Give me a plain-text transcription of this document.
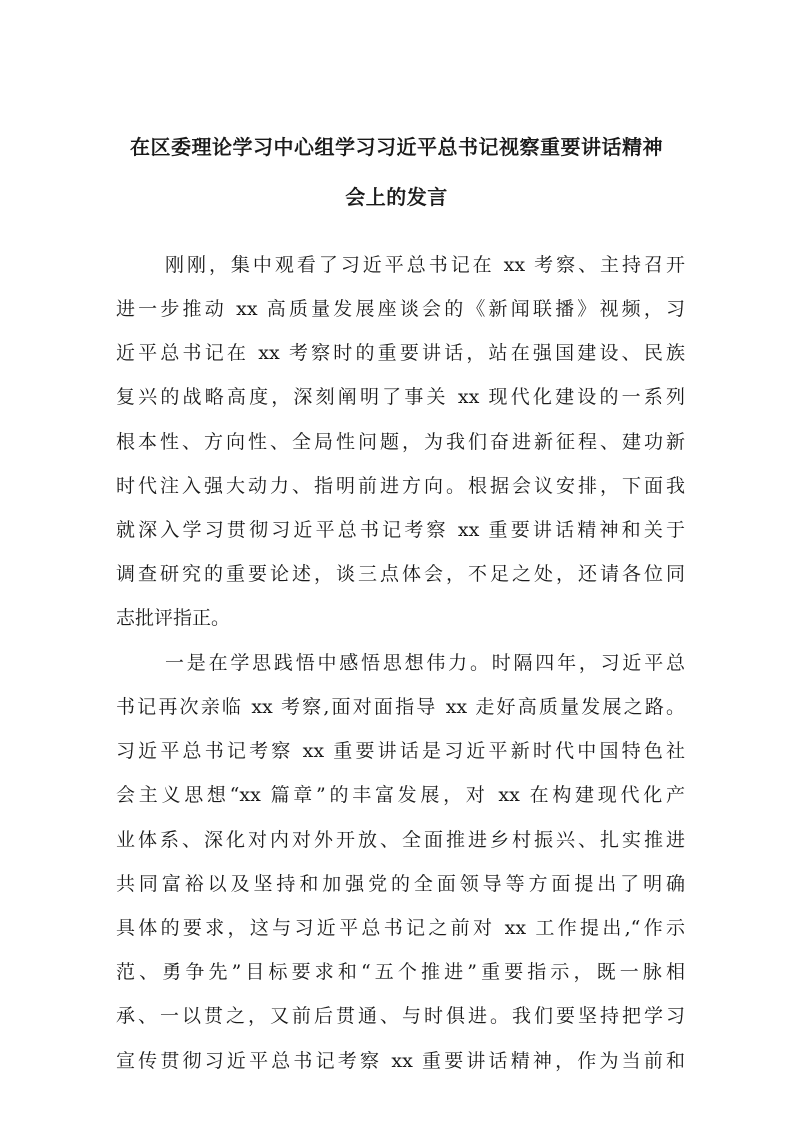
在区委理论学习中心组学习习近平总书记视察重要讲话精神
会上的发言
刚刚，集中观看了习近平总书记在 xx 考察、主持召开
进一步推动 xx 高质量发展座谈会的《新闻联播》视频，习
近平总书记在 xx 考察时的重要讲话，站在强国建设、民族
复兴的战略高度，深刻阐明了事关 xx 现代化建设的一系列
根本性、方向性、全局性问题，为我们奋进新征程、建功新
时代注入强大动力、指明前进方向。根据会议安排，下面我
就深入学习贯彻习近平总书记考察 xx 重要讲话精神和关于
调查研究的重要论述，谈三点体会，不足之处，还请各位同
志批评指正。
一是在学思践悟中感悟思想伟力。时隔四年，习近平总
书记再次亲临 xx 考察,面对面指导 xx 走好高质量发展之路。
习近平总书记考察 xx 重要讲话是习近平新时代中国特色社
会主义思想“xx 篇章”的丰富发展，对 xx 在构建现代化产
业体系、深化对内对外开放、全面推进乡村振兴、扎实推进
共同富裕以及坚持和加强党的全面领导等方面提出了明确
具体的要求，这与习近平总书记之前对 xx 工作提出,“作示
范、勇争先”目标要求和“五个推进”重要指示，既一脉相
承、一以贯之，又前后贯通、与时俱进。我们要坚持把学习
宣传贯彻习近平总书记考察 xx 重要讲话精神，作为当前和
